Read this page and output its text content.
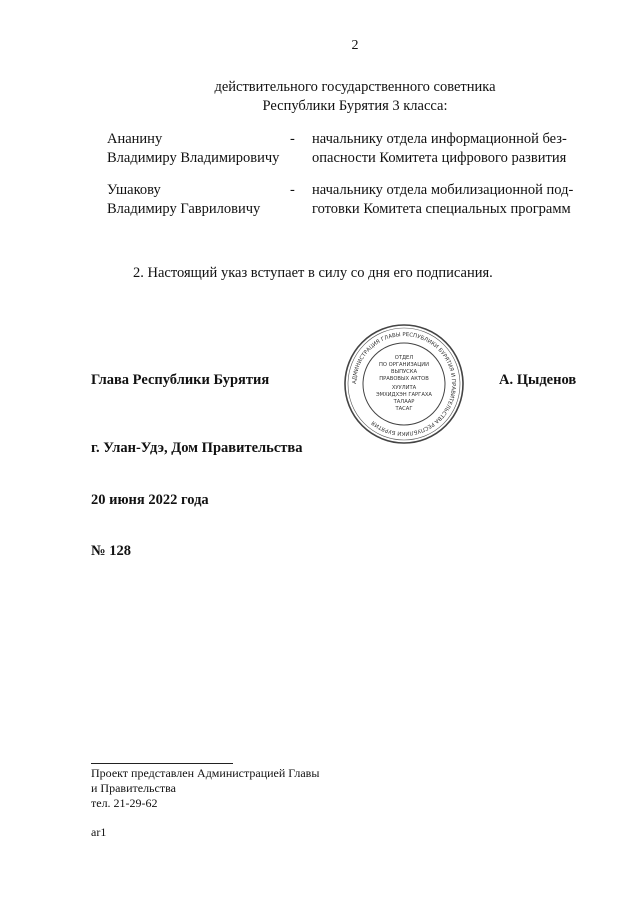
2
действительного государственного советника
Республики Бурятия 3 класса:
Ананину
Владимиру Владимировичу
-	начальнику отдела информационной без-
опасности Комитета цифрового развития
Ушакову
Владимиру Гавриловичу
-	начальнику отдела мобилизационной под-
готовки Комитета специальных программ
2. Настоящий указ вступает в силу со дня его подписания.
Глава Республики Бурятия	АДМИНИСТРАЦИЯ ГЛАВЫ РЕСПУБЛИКИ БУРЯТИЯ И ПРАВИТЕЛЬСТВА РЕСПУБЛИКИ БУРЯТИЯ
ОТДЕЛ
ПО ОРГАНИЗАЦИИ
ВЫПУСКА
ПРАВОВЫХ АКТОВ
ХУУЛИТА
ЭМХИДХЭН ГАРГАХА
ТАЛААР
ТАСАГ
А. Цыденов
г. Улан-Удэ, Дом Правительства
20 июня 2022 года
№ 128
Проект представлен Администрацией Главы
и Правительства
тел. 21-29-62
ar1
